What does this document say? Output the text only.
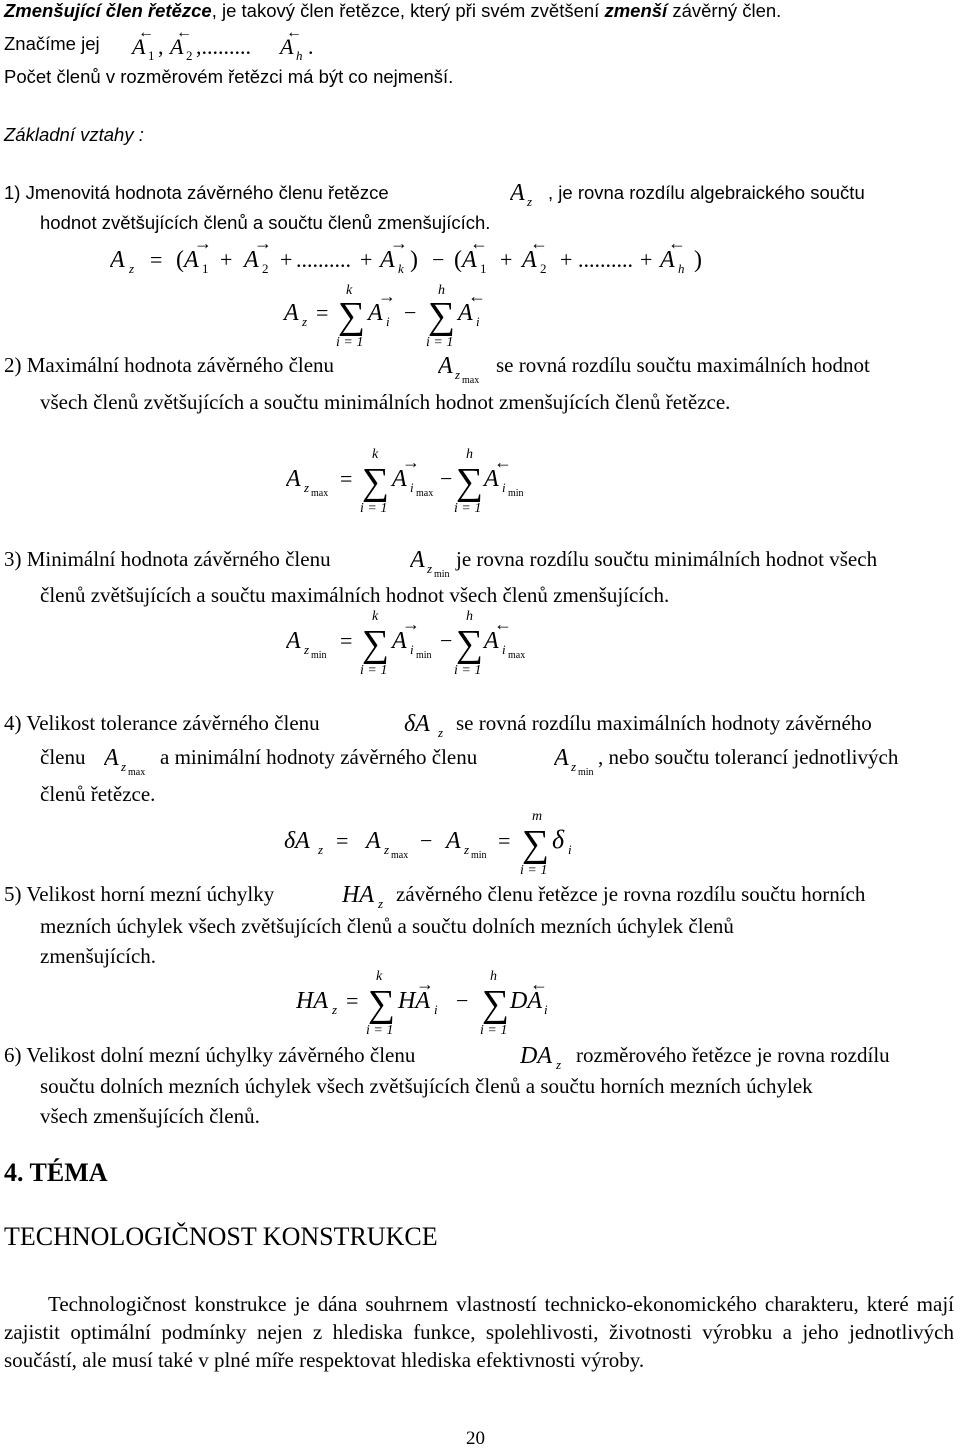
Zmenšující člen řetězce, je takový člen řetězce, který při svém zvětšení zmenší závěrný člen.
Značíme jej A 1
←
, A 2
←
,......... A h
←
.
Počet členů v rozměrovém řetězci má být co nejmenší.
Základní vztahy :
1) Jmenovitá hodnota závěrného členu řetězce	A z , je rovna rozdílu algebraického součtu
hodnot zvětšujících členů a součtu členů zmenšujících.
A z = ( A 1
→
+ A 2
→
+ .......... + A k
→
) − ( A 1
←
+ A 2
←
+ .......... + A h
←
)
A z =
k
∑
i = 1
A i
→
−
h
∑
i = 1
A i
←
2) Maximální hodnota závěrného členu	A z max
se rovná rozdílu součtu maximálních hodnot
všech členů zvětšujících a součtu minimálních hodnot zmenšujících členů řetězce.
A z max
=
k
∑
i = 1
A i max
→
−
h
∑
i = 1
A i min
←
3) Minimální hodnota závěrného členu	A z min
je rovna rozdílu součtu minimálních hodnot všech
členů zvětšujících a součtu maximálních hodnot všech členů zmenšujících.
A z min
=
k
∑
i = 1
A i min
→
−
h
∑
i = 1
A i max
←
4) Velikost tolerance závěrného členu	δA z se rovná rozdílu maximálních hodnoty závěrného
členu A z max
a minimální hodnoty závěrného členu	A z min
, nebo součtu tolerancí jednotlivých
členů řetězce.
δA z = A z max
− A z min
=
m
∑
i = 1
δ i
5) Velikost horní mezní úchylky	HA z závěrného členu řetězce je rovna rozdílu součtu horních
mezních úchylek všech zvětšujících členů a součtu dolních mezních úchylek členů
zmenšujících.
HA z =
k
∑
i = 1
HA i
→
−
h
∑
i = 1
DA i
←
6) Velikost dolní mezní úchylky závěrného členu	DA z rozměrového řetězce je rovna rozdílu
součtu dolních mezních úchylek všech zvětšujících členů a součtu horních mezních úchylek
všech zmenšujících členů.
4. TÉMA
TECHNOLOGIČNOST KONSTRUKCE
Technologičnost konstrukce je dána souhrnem vlastností technicko-ekonomického charakteru, které mají zajistit optimální podmínky nejen z hlediska funkce, spolehlivosti, životnosti výrobku a jeho jednotlivých součástí, ale musí také v plné míře respektovat hlediska efektivnosti výroby.
20
